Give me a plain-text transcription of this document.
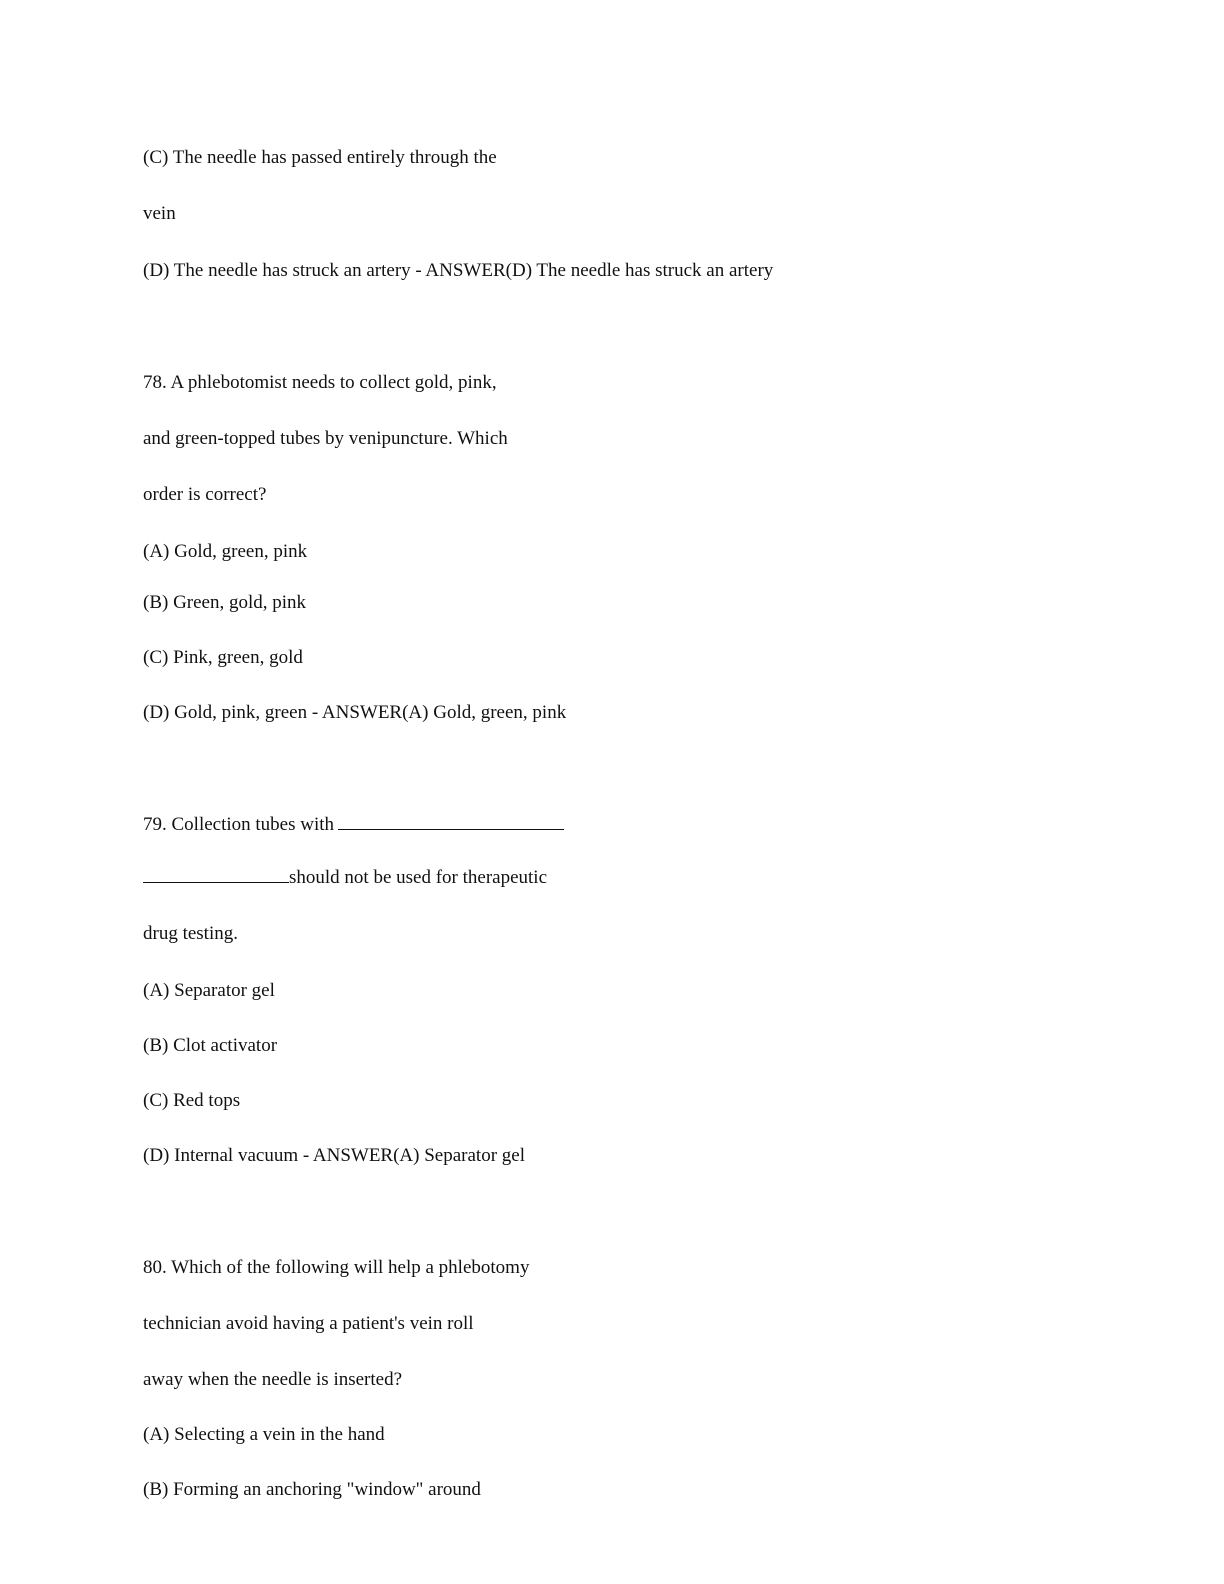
(C) The needle has passed entirely through the
vein
(D) The needle has struck an artery - ANSWER(D) The needle has struck an artery
78. A phlebotomist needs to collect gold, pink,
and green-topped tubes by venipuncture. Which
order is correct?
(A) Gold, green, pink
(B) Green, gold, pink
(C) Pink, green, gold
(D) Gold, pink, green - ANSWER(A) Gold, green, pink
79. Collection tubes with
should not be used for therapeutic
drug testing.
(A) Separator gel
(B) Clot activator
(C) Red tops
(D) Internal vacuum - ANSWER(A) Separator gel
80. Which of the following will help a phlebotomy
technician avoid having a patient's vein roll
away when the needle is inserted?
(A) Selecting a vein in the hand
(B) Forming an anchoring "window" around
